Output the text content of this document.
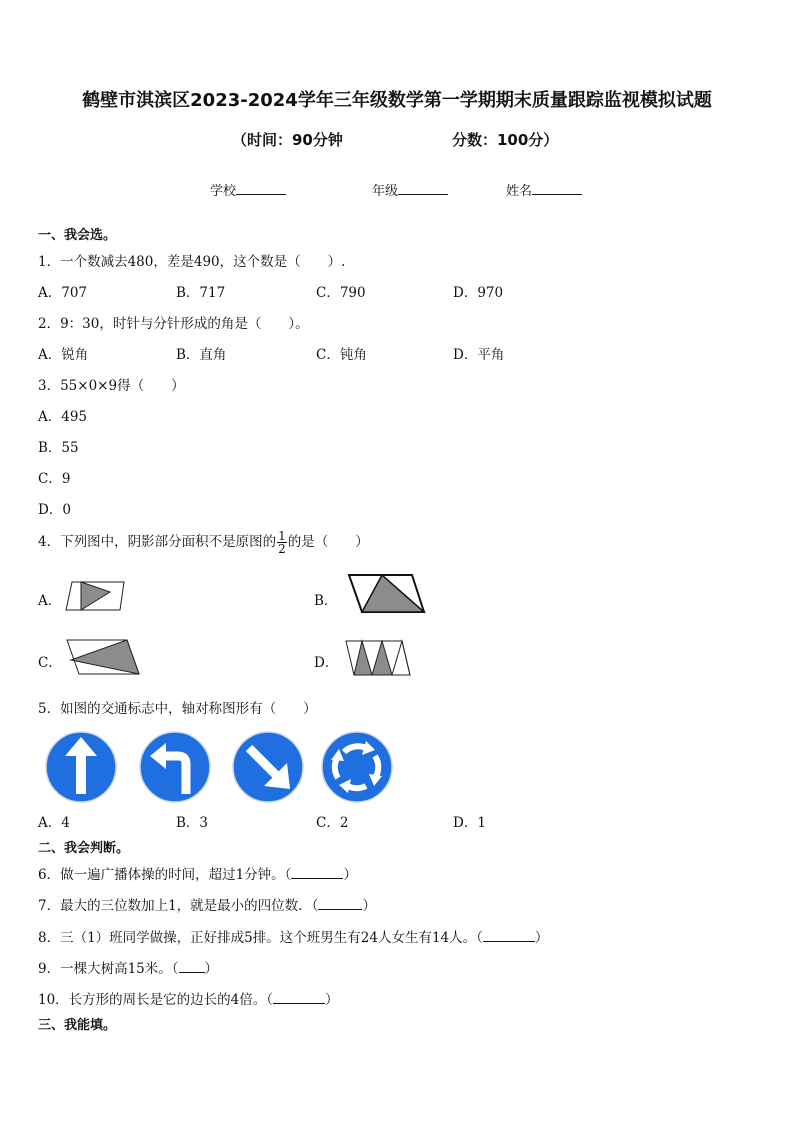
鹤壁市淇滨区2023-2024学年三年级数学第一学期期末质量跟踪监视模拟试题
（时间：90分钟	分数：100分）
学校	年级	姓名
一、我会选。
1．一个数减去480，差是490，这个数是（　　）.
A．707	B．717	C．790	D．970
2．9：30，时针与分针形成的角是（　　）。
A．锐角	B．直角	C．钝角	D．平角
3．55×0×9得（　　）
A．495
B．55
C．9
D．0
4．下列图中，阴影部分面积不是原图的 $\frac{1}{2}$ 的是（　　）
A．	B．
C．	D．
5．如图的交通标志中，轴对称图形有（　　）
A．4	B．3	C．2	D．1
二、我会判断。
6．做一遍广播体操的时间，超过1分钟。（	）
7．最大的三位数加上1，就是最小的四位数．（	）
8．三（1）班同学做操，正好排成5排。这个班男生有24人女生有14人。（	）
9．一棵大树高15米。（ ）
10．长方形的周长是它的边长的4倍。（	）
三、我能填。
